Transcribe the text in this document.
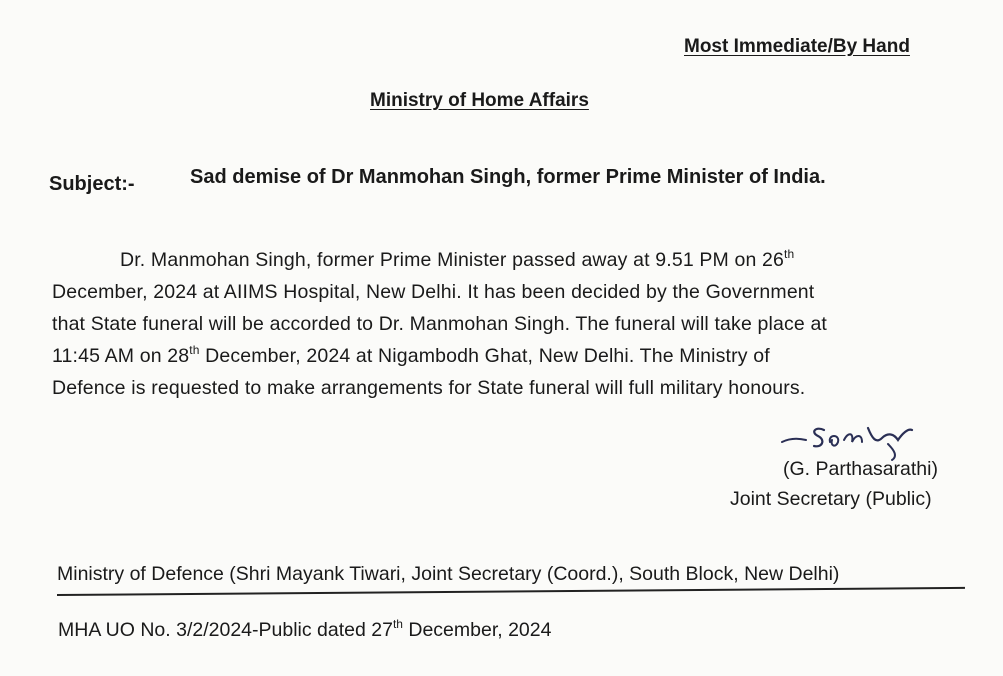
Most Immediate/By Hand
Ministry of Home Affairs
Subject:-	Sad demise of Dr Manmohan Singh, former Prime Minister of India.
Dr. Manmohan Singh, former Prime Minister passed away at 9.51 PM on 26th
December, 2024 at AIIMS Hospital, New Delhi. It has been decided by the Government
that State funeral will be accorded to Dr. Manmohan Singh. The funeral will take place at
11:45 AM on 28th December, 2024 at Nigambodh Ghat, New Delhi. The Ministry of
Defence is requested to make arrangements for State funeral will full military honours.
(G. Parthasarathi)
Joint Secretary (Public)
Ministry of Defence (Shri Mayank Tiwari, Joint Secretary (Coord.), South Block, New Delhi)
MHA UO No. 3/2/2024-Public dated 27th December, 2024
